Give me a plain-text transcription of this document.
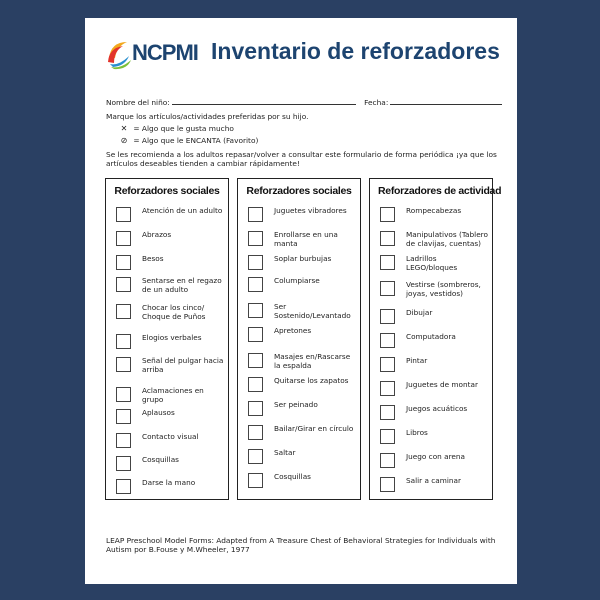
NCPMI Inventario de reforzadores
Nombre del niño:	Fecha:
Marque los artículos/actividades preferidas por su hijo.
✕ = Algo que le gusta mucho
⊘ = Algo que le ENCANTA (Favorito)
Se les recomienda a los adultos repasar/volver a consultar este formulario de forma periódica ¡ya que los artículos deseables tienden a cambiar rápidamente!
Reforzadores sociales
Atención de un adulto
Abrazos
Besos
Sentarse en el regazo de un adulto
Chocar los cinco/ Choque de Puños
Elogios verbales
Señal del pulgar hacia arriba
Aclamaciones en grupo
Aplausos
Contacto visual
Cosquillas
Darse la mano
Reforzadores sociales
Juguetes vibradores
Enrollarse en una manta
Soplar burbujas
Columpiarse
Ser Sostenido/Levantado
Apretones
Masajes en/Rascarse la espalda
Quitarse los zapatos
Ser peinado
Bailar/Girar en círculo
Saltar
Cosquillas
Reforzadores de actividad
Rompecabezas
Manipulativos (Tablero de clavijas, cuentas)
Ladrillos LEGO/bloques
Vestirse (sombreros, joyas, vestidos)
Dibujar
Computadora
Pintar
Juguetes de montar
Juegos acuáticos
Libros
Juego con arena
Salir a caminar
LEAP Preschool Model Forms: Adapted from A Treasure Chest of Behavioral Strategies for Individuals with Autism por B.Fouse y M.Wheeler, 1977
